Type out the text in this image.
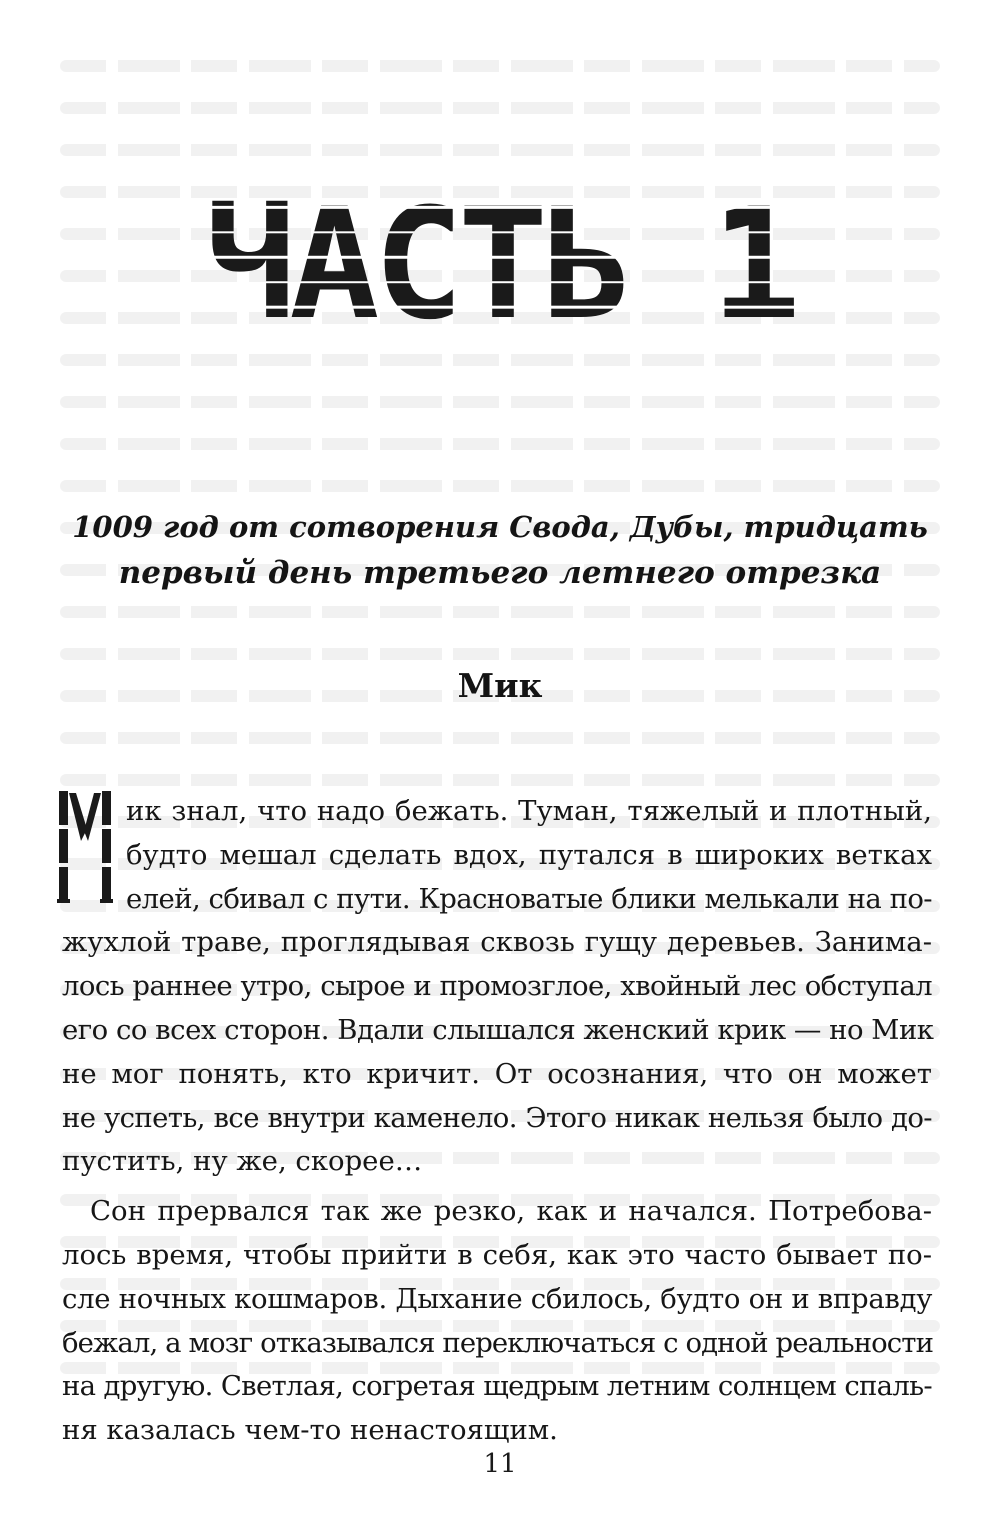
ЧАСТЬ 1
1009 год от сотворения Свода, Дубы, тридцать
первый день третьего летнего отрезка
Мик
ик знал, что надо бежать. Туман, тяжелый и плотный,
будто мешал сделать вдох, путался в широких ветках
елей, сбивал с пути. Красноватые блики мелькали на по-
жухлой траве, проглядывая сквозь гущу деревьев. Занима-
лось раннее утро, сырое и промозглое, хвойный лес обступал
его со всех сторон. Вдали слышался женский крик — но Мик
не мог понять, кто кричит. От осознания, что он может
не успеть, все внутри каменело. Этого никак нельзя было до-
пустить, ну же, скорее…
Сон прервался так же резко, как и начался. Потребова-
лось время, чтобы прийти в себя, как это часто бывает по-
сле ночных кошмаров. Дыхание сбилось, будто он и вправду
бежал, а мозг отказывался переключаться с одной реальности
на другую. Светлая, согретая щедрым летним солнцем спаль-
ня казалась чем-то ненастоящим.
11
